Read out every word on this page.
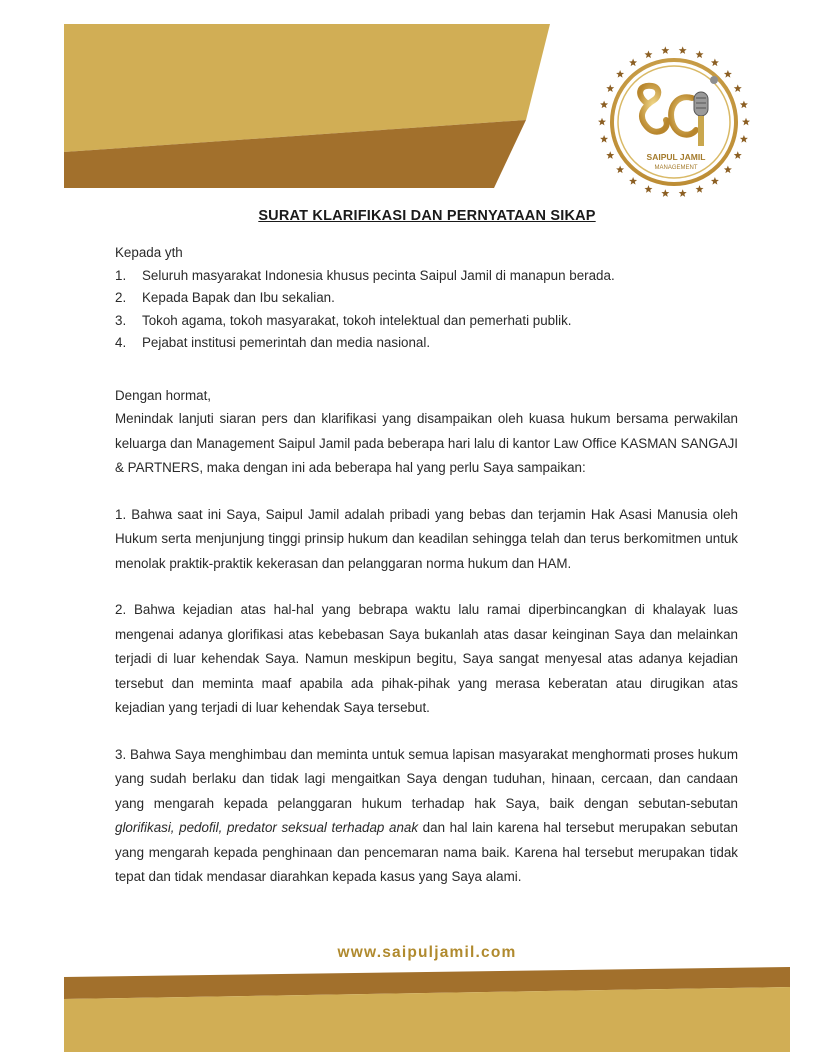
SAIPUL JAMIL
MANAGEMENT
SURAT KLARIFIKASI DAN PERNYATAAN SIKAP

Kepada yth

1. Seluruh masyarakat Indonesia khusus pecinta Saipul Jamil di manapun berada.
2. Kepada Bapak dan Ibu sekalian.
3. Tokoh agama, tokoh masyarakat, tokoh intelektual dan pemerhati publik.
4. Pejabat institusi pemerintah dan media nasional.

Dengan hormat,

Menindak lanjuti siaran pers dan klarifikasi yang disampaikan oleh kuasa hukum bersama perwakilan keluarga dan Management Saipul Jamil pada beberapa hari lalu di kantor Law Office KASMAN SANGAJI & PARTNERS, maka dengan ini ada beberapa hal yang perlu Saya sampaikan:

1. Bahwa saat ini Saya, Saipul Jamil adalah pribadi yang bebas dan terjamin Hak Asasi Manusia oleh Hukum serta menjunjung tinggi prinsip hukum dan keadilan sehingga telah dan terus berkomitmen untuk menolak praktik-praktik kekerasan dan pelanggaran norma hukum dan HAM.

2. Bahwa kejadian atas hal-hal yang bebrapa waktu lalu ramai diperbincangkan di khalayak luas mengenai adanya glorifikasi atas kebebasan Saya bukanlah atas dasar keinginan Saya dan melainkan terjadi di luar kehendak Saya. Namun meskipun begitu, Saya sangat menyesal atas adanya kejadian tersebut dan meminta maaf apabila ada pihak-pihak yang merasa keberatan atau dirugikan atas kejadian yang terjadi di luar kehendak Saya tersebut.

3. Bahwa Saya menghimbau dan meminta untuk semua lapisan masyarakat menghormati proses hukum yang sudah berlaku dan tidak lagi mengaitkan Saya dengan tuduhan, hinaan, cercaan, dan candaan yang mengarah kepada pelanggaran hukum terhadap hak Saya, baik dengan sebutan-sebutan glorifikasi, pedofil, predator seksual terhadap anak dan hal lain karena hal tersebut merupakan sebutan yang mengarah kepada penghinaan dan pencemaran nama baik. Karena hal tersebut merupakan tidak tepat dan tidak mendasar diarahkan kepada kasus yang Saya alami.

www.saipuljamil.com
